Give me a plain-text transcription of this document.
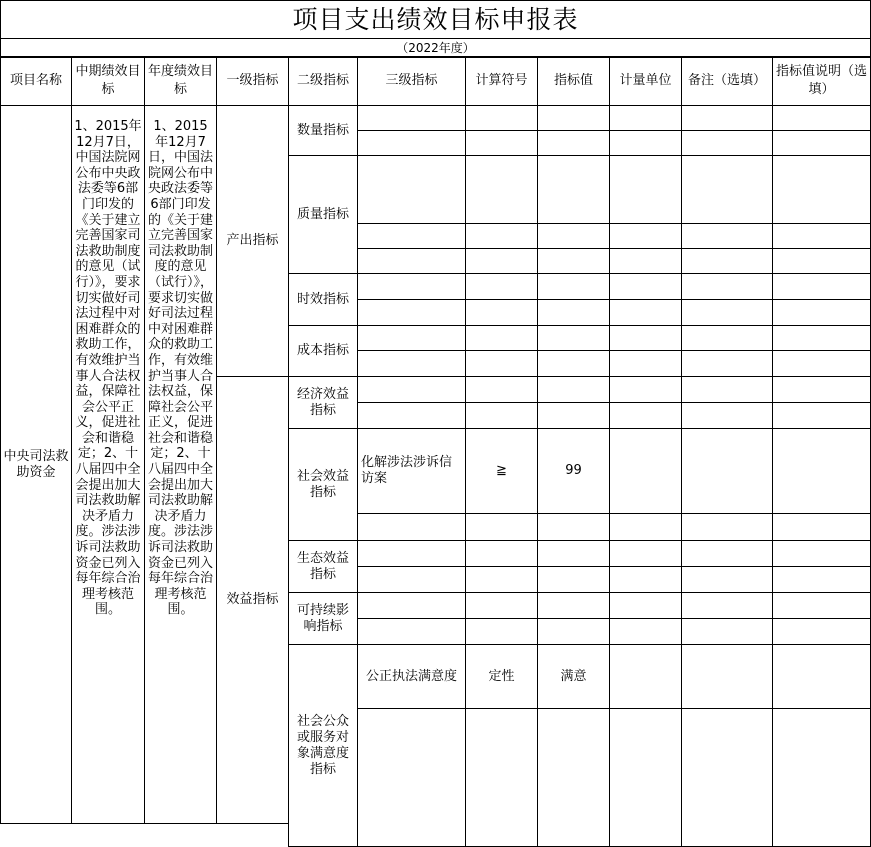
项目支出绩效目标申报表
（2022年度）
项目名称	中期绩效目标	年度绩效目标	一级指标	二级指标	三级指标	计算符号	指标值	计量单位	备注（选填）	指标值说明（选填）
中央司法救助资金	1、2015年12月7日，中国法院网公布中央政法委等6部门印发的《关于建立完善国家司法救助制度的意见（试行）》，要求切实做好司法过程中对困难群众的救助工作，有效维护当事人合法权益，保障社会公平正义，促进社会和谐稳定；2、十八届四中全会提出加大司法救助解决矛盾力度。涉法涉诉司法救助资金已列入每年综合治理考核范围。	1、2015年12月7日，中国法院网公布中央政法委等6部门印发的《关于建立完善国家司法救助制度的意见（试行）》，要求切实做好司法过程中对困难群众的救助工作，有效维护当事人合法权益，保障社会公平正义，促进社会和谐稳定；2、十八届四中全会提出加大司法救助解决矛盾力度。涉法涉诉司法救助资金已列入每年综合治理考核范围。	产出指标	数量指标						

				质量指标						

				时效指标						

				成本指标						

			效益指标	经济效益指标						

				社会效益指标	化解涉法涉诉信访案	≧	99			

				生态效益指标						

				可持续影响指标						

				社会公众或服务对象满意度指标	公正执法满意度	定性	满意			
